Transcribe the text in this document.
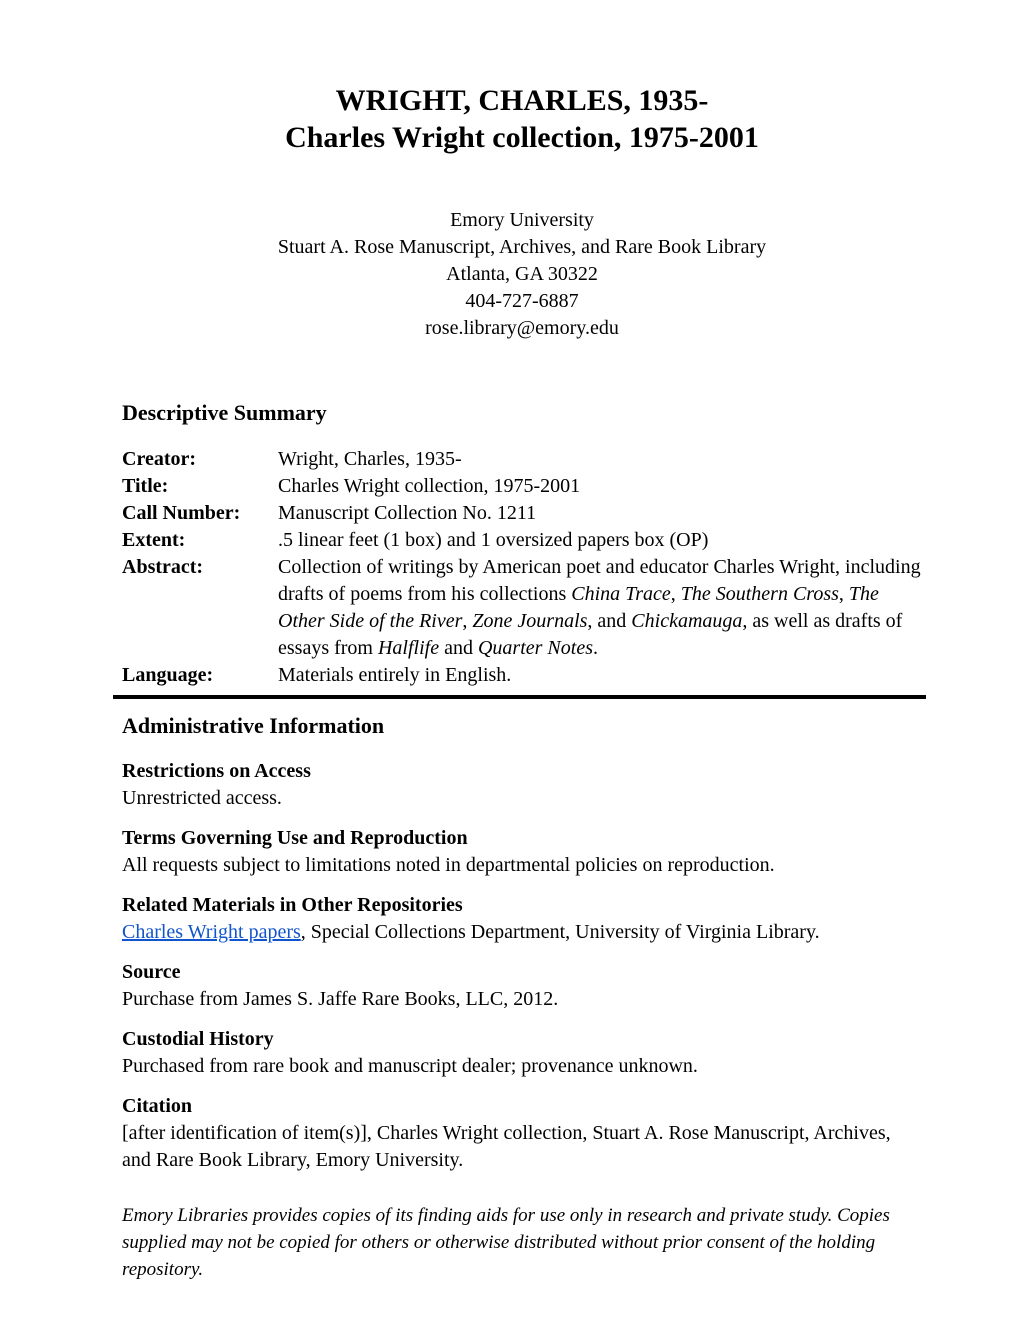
WRIGHT, CHARLES, 1935-
Charles Wright collection, 1975-2001
Emory University
Stuart A. Rose Manuscript, Archives, and Rare Book Library
Atlanta, GA 30322
404-727-6887
rose.library@emory.edu
Descriptive Summary
Creator:	Wright, Charles, 1935-
Title:	Charles Wright collection, 1975-2001
Call Number:	Manuscript Collection No. 1211
Extent:	.5 linear feet (1 box) and 1 oversized papers box (OP)
Abstract:	Collection of writings by American poet and educator Charles Wright, including drafts of poems from his collections China Trace, The Southern Cross, The Other Side of the River, Zone Journals, and Chickamauga, as well as drafts of essays from Halflife and Quarter Notes.
Language:	Materials entirely in English.
Administrative Information
Restrictions on Access
Unrestricted access.
Terms Governing Use and Reproduction
All requests subject to limitations noted in departmental policies on reproduction.
Related Materials in Other Repositories
Charles Wright papers, Special Collections Department, University of Virginia Library.
Source
Purchase from James S. Jaffe Rare Books, LLC, 2012.
Custodial History
Purchased from rare book and manuscript dealer; provenance unknown.
Citation
[after identification of item(s)], Charles Wright collection, Stuart A. Rose Manuscript, Archives, and Rare Book Library, Emory University.
Emory Libraries provides copies of its finding aids for use only in research and private study. Copies supplied may not be copied for others or otherwise distributed without prior consent of the holding repository.
